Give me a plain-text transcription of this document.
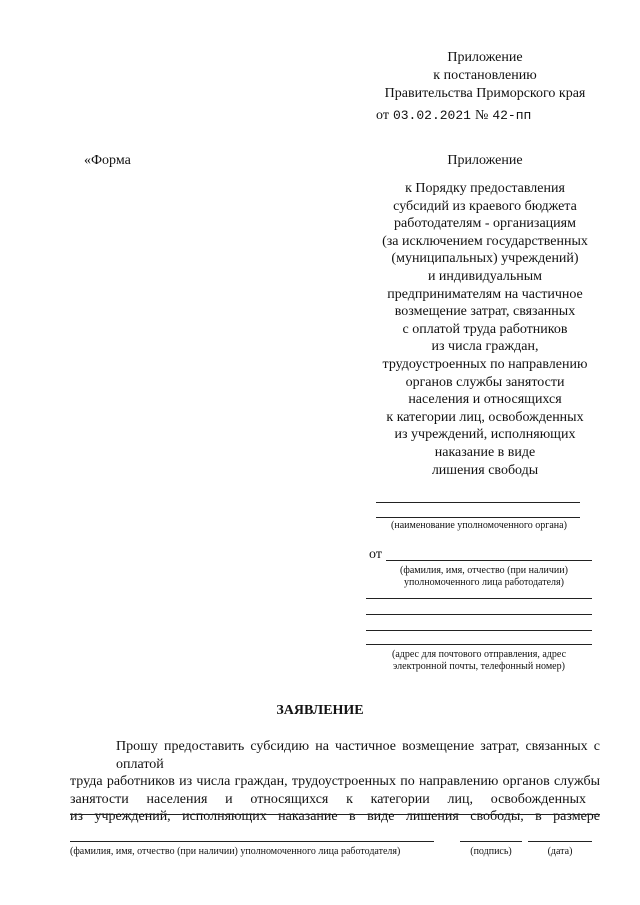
Приложение
к постановлению
Правительства Приморского края
от 03.02.2021 № 42-пп
«Форма	Приложение
к Порядку предоставления
субсидий из краевого бюджета
работодателям - организациям
(за исключением государственных
(муниципальных) учреждений)
и индивидуальным
предпринимателям на частичное
возмещение затрат, связанных
с оплатой труда работников
из числа граждан,
трудоустроенных по направлению
органов службы занятости
населения и относящихся
к категории лиц, освобожденных
из учреждений, исполняющих
наказание в виде
лишения свободы
(наименование уполномоченного органа)
от
(фамилия, имя, отчество (при наличии)
уполномоченного лица работодателя)
(адрес для почтового отправления, адрес
электронной почты, телефонный номер)
ЗАЯВЛЕНИЕ
Прошу предоставить субсидию на частичное возмещение затрат, связанных с оплатой
труда работников из числа граждан, трудоустроенных по направлению органов службы
занятости населения и относящихся к категории лиц, освобожденных
из учреждений, исполняющих наказание в виде лишения свободы, в размере
(фамилия, имя, отчество (при наличии) уполномоченного лица работодателя)	(подпись)	(дата)
